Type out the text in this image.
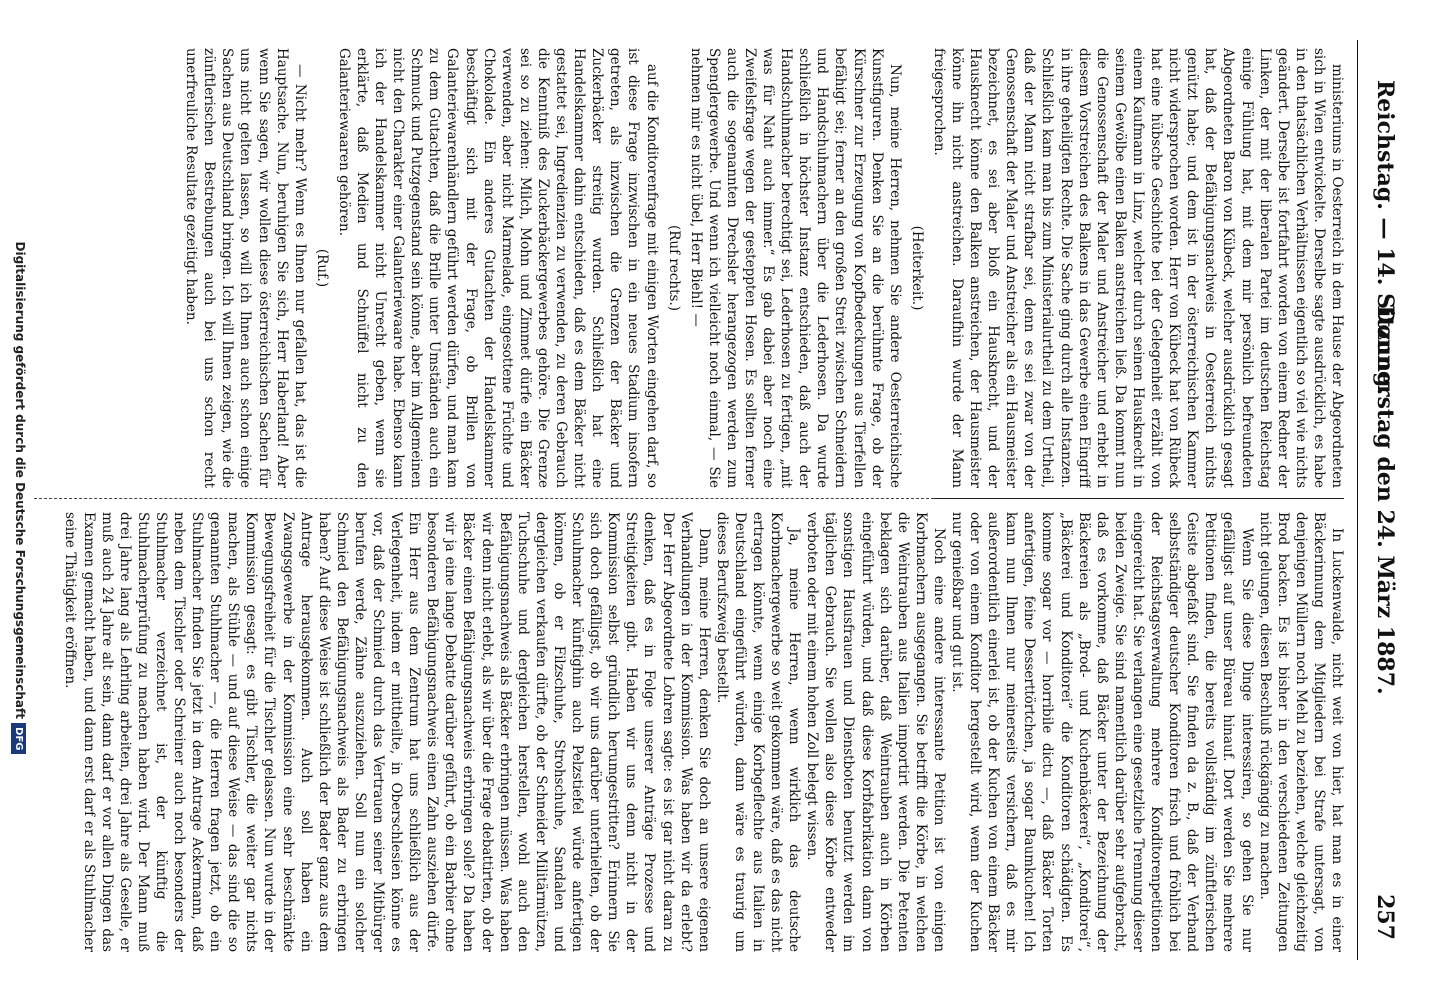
Reichstag. — 14. Sitzung.
Donnerstag den 24. März 1887.
257

ministeriums in Oesterreich in dem Hause der Abgeordneten sich in Wien entwickelte. Derselbe sagte ausdrücklich, es habe in den thatsächlichen Verhältnissen eigentlich so viel wie nichts geändert. Derselbe ist fortfahrt worden von einem Redner der Linken, der mit der liberalen Partei im deutschen Reichstag einige Fühlung hat, mit dem mir persönlich befreundeten Abgeordneten Baron von Kübeck, welcher ausdrücklich gesagt hat, daß der Befähigungsnachweis in Oesterreich nichts genützt habe; und dem ist in der österreichischen Kammer nicht widersprochen worden. Herr von Kübeck hat von Rübeck hat eine hübsche Geschichte bei der Gelegenheit erzählt von einem Kaufmann in Linz, welcher durch seinen Hausknecht in seinem Gewölbe einen Balken anstreichen ließ. Da kommt nun die Genossenschaft der Maler und Anstreicher und erhebt in diesem Vorstreichen des Balkens in das Gewerbe einen Eingriff in ihre geheiligten Rechte. Die Sache ging durch alle Instanzen. Schließlich kam man bis zum Ministerialurtheil zu dem Urtheil, daß der Mann nicht strafbar sei, denn es sei zwar von der Genossenschaft der Maler und Anstreicher als ein Hausmeister bezeichnet, es sei aber bloß ein Hausknecht, und der Hausknecht könne den Balken anstreichen, der Hausmeister könne ihn nicht anstreichen. Daraufhin wurde der Mann freigesprochen.

(Heiterkeit.)

Nun, meine Herren, nehmen Sie andere Oesterreichische Kunstfiguren. Denken Sie an die berühmte Frage, ob der Kürschner zur Erzeugung von Kopfbedeckungen aus Tierfellen befähigt sei; ferner an den großen Streit zwischen Schneidern und Handschuhmachern über die Lederhosen. Da wurde schließlich in höchster Instanz entschieden, daß auch der Handschuhmacher berechtigt sei, Lederhosen zu fertigen, „mit was für Naht auch immer.“ Es gab dabei aber noch eine Zweifelsfrage wegen der gesteppten Hosen. Es sollten ferner auch die sogenannten Drechsler herangezogen werden zum Spenglergewerbe. Und wenn ich vielleicht noch einmal, — Sie nehmen mir es nicht übel, Herr Biehl! —

(Ruf rechts.)

auf die Konditorenfrage mit einigen Worten eingehen darf, so ist diese Frage inzwischen in ein neues Stadium insofern getreten, als inzwischen die Grenzen der Bäcker und Zuckerbäcker streitig wurden. Schließlich hat eine Handelskammer dahin entschieden, daß es dem Bäcker nicht gestattet sei, Ingredienzien zu verwenden, zu deren Gebrauch die Kenntniß des Zuckerbäckergewerbes gehöre. Die Grenze sei so zu ziehen: Milch, Mohn und Zimmet dürfe ein Bäcker verwenden, aber nicht Marmelade, eingesottene Früchte und Chokolade. Ein anderes Gutachten der Handelskammer beschäftigt sich mit der Frage, ob Brillen von Galanteriewarenhändlern geführt werden dürfen, und man kam zu dem Gutachten, daß die Brille unter Umständen auch ein Schmuck und Putzgegenstand sein könne, aber im Allgemeinen nicht den Charakter einer Galanteriewaare habe. Ebenso kann ich der Handelskammer nicht Unrecht geben, wenn sie erklärte, daß Medien und Schnüffel nicht zu den Galanteriewaaren gehören.

(Ruf.)

— Nicht mehr? Wenn es Ihnen nur gefallen hat, das ist die Hauptsache. Nun, beruhigen Sie sich, Herr Haberland! Aber wenn Sie sagen, wir wollen diese österreichischen Sachen für uns nicht gelten lassen, so will ich Ihnen auch schon einige Sachen aus Deutschland bringen. Ich will Ihnen zeigen, wie die zünftlerischen Bestrebungen auch bei uns schon recht unerfreuliche Resultate gezeitigt haben.

In Luckenwalde, nicht weit von hier, hat man es in einer Bäckerinnung dem Mitgliedern bei Strafe untersagt, von denjenigen Müllern noch Mehl zu beziehen, welche gleichzeitig Brod backen. Es ist bisher in den verschiedenen Zeitungen nicht gelungen, diesen Beschluß rückgängig zu machen.

Wenn Sie diese Dinge interessiren, so gehen Sie nur gefälligst auf unser Büreau hinauf. Dort werden Sie mehrere Petitionen finden, die bereits vollständig im zünftlerischen Geiste abgefaßt sind. Sie finden da z. B., daß der Verband selbstständiger deutscher Konditoren frisch und fröhlich bei der Reichstagsverwaltung mehrere Konditorenpetitionen eingereicht hat. Sie verlangen eine gesetzliche Trennung dieser beiden Zweige. Sie sind namentlich darüber sehr aufgebracht, daß es vorkomme, daß Bäcker unter der Bezeichnung der Bäckereien als „Brod- und Kuchenbäckerei“, „Konditorei“, „Bäckerei und Konditorei“ die Konditoren schädigten. Es komme sogar vor — horribile dictu —, daß Bäcker Torten anfertigen, feine Desserttörtchen, ja sogar Baumkuchen! Ich kann nun Ihnen nur meinerseits versichern, daß es mir außerordentlich einerlei ist, ob der Kuchen von einem Bäcker oder von einem Konditor hergestellt wird, wenn der Kuchen nur genießbar und gut ist.

Noch eine andere interessante Petition ist von einigen Korbmachern ausgegangen. Sie betrifft die Körbe, in welchen die Weintrauben aus Italien importirt werden. Die Petenten beklagen sich darüber, daß Weintrauben auch in Körben eingeführt würden, und daß diese Korbfabrikation dann von sonstigen Hausfrauen und Dienstboten benutzt werden im täglichen Gebrauch. Sie wollen also diese Körbe entweder verboten oder mit einem hohen Zoll belegt wissen.

Ja, meine Herren, wenn wirklich das deutsche Korbmachergewerbe so weit gekommen wäre, daß es das nicht ertragen könnte, wenn einige Korbgeflechte aus Italien in Deutschland eingeführt würden, dann wäre es traurig um dieses Berufszweig bestellt.

Dann, meine Herren, denken Sie doch an unsere eigenen Verhandlungen in der Kommission. Was haben wir da erlebt? Der Herr Abgeordnete Lohren sagte: es ist gar nicht daran zu denken, daß es in Folge unserer Anträge Prozesse und Streitigkeiten gibt. Haben wir uns denn nicht in der Kommission selbst gründlich herumgestritten? Erinnern Sie sich doch gefälligst, ob wir uns darüber unterhielten, ob der Schuhmacher künftighin auch Pelzstiefel würde anfertigen können, ob er Filzschuhe, Strohschuhe, Sandalen und dergleichen verkaufen dürfte, ob der Schneider Militärmützen, Tuchschuhe und dergleichen herstellen, wohl auch den Befähigungsnachweis als Bäcker erbringen müssen. Was haben wir denn nicht erlebt, als wir über die Frage debattirten, ob der Bäcker einen Befähigungsnachweis erbringen solle? Da haben wir ja eine lange Debatte darüber geführt, ob ein Barbier ohne besonderen Befähigungsnachweis einen Zahn ausziehen dürfe. Ein Herr aus dem Zentrum hat uns schließlich aus der Verlegenheit, indem er mittheilte, in Oberschlesien könne es vor, daß der Schmied durch das Vertrauen seiner Mitbürger berufen werde, Zähne auszuziehen. Soll nun ein solcher Schmied den Befähigungsnachweis als Bader zu erbringen haben? Auf diese Weise ist schließlich der Bader ganz aus dem Antrage herausgekommen. Auch soll haben ein Zwangsgewerbe in der Kommission eine sehr beschränkte Bewegungsfreiheit für die Tischler gelassen. Nun wurde in der Kommission gesagt: es gibt Tischler, die weiter gar nichts machen, als Stühle — und auf diese Weise — das sind die so genannten Stuhlmacher —, die Herren fragen jetzt, ob ein Stuhlmacher finden Sie jetzt in dem Antrage Ackermann, daß neben dem Tischler oder Schreiner auch noch besonders der Stuhlmacher verzeichnet ist, der künftig die Stuhlmacherprüfung zu machen haben wird. Der Mann muß drei Jahre lang als Lehrling arbeiten, drei Jahre als Geselle, er muß auch 24 Jahre alt sein, dann darf er vor allen Dingen das Examen gemacht haben, und dann erst darf er als Stuhlmacher seine Thätigkeit eröffnen.

Digitalisierung gefördert durch die Deutsche Forschungsgemeinschaft DFG
